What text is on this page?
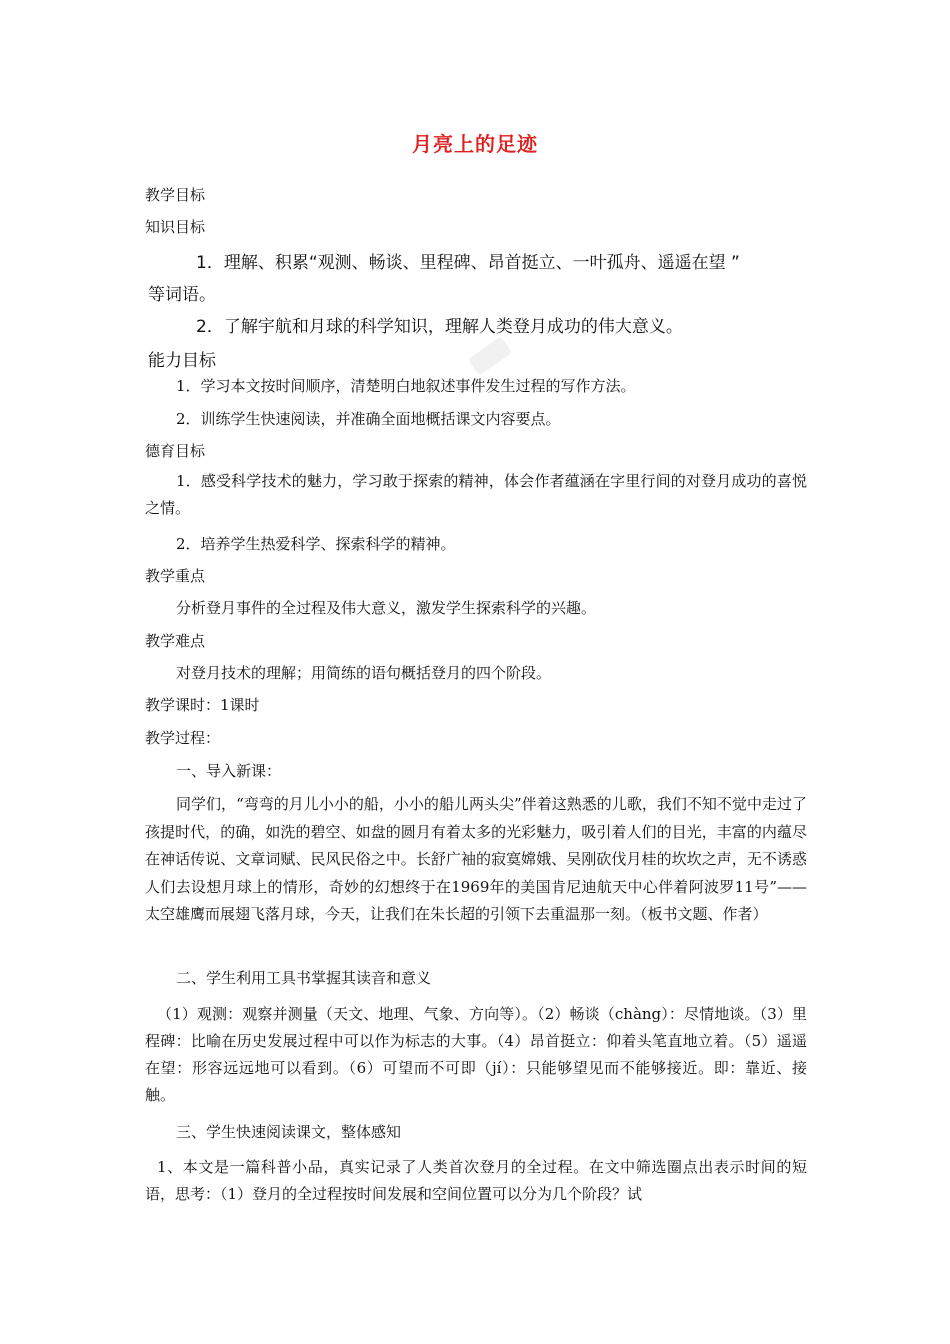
月亮上的足迹
教学目标
知识目标
1．理解、积累“观测、畅谈、里程碑、昂首挺立、一叶孤舟、遥遥在望 ”
等词语。
2．了解宇航和月球的科学知识，理解人类登月成功的伟大意义。
能力目标
1．学习本文按时间顺序，清楚明白地叙述事件发生过程的写作方法。
2．训练学生快速阅读，并准确全面地概括课文内容要点。
德育目标
1．感受科学技术的魅力，学习敢于探索的精神，体会作者蕴涵在字里行间的对登月成功的喜悦之情。
2．培养学生热爱科学、探索科学的精神。
教学重点
分析登月事件的全过程及伟大意义，激发学生探索科学的兴趣。
教学难点
对登月技术的理解；用简练的语句概括登月的四个阶段。
教学课时：1课时
教学过程：
一、导入新课：
同学们，“弯弯的月儿小小的船，小小的船儿两头尖”伴着这熟悉的儿歌，我们不知不觉中走过了孩提时代，的确，如洗的碧空、如盘的圆月有着太多的光彩魅力，吸引着人们的目光，丰富的内蕴尽在神话传说、文章词赋、民风民俗之中。长舒广袖的寂寞嫦娥、吴刚砍伐月桂的坎坎之声，无不诱惑人们去设想月球上的情形，奇妙的幻想终于在1969年的美国肯尼迪航天中心伴着阿波罗11号”——太空雄鹰而展翅飞落月球，今天，让我们在朱长超的引领下去重温那一刻。（板书文题、作者）
二、学生利用工具书掌握其读音和意义
（1）观测：观察并测量（天文、地理、气象、方向等）。（2）畅谈（chàng）：尽情地谈。（3）里程碑：比喻在历史发展过程中可以作为标志的大事。（4）昂首挺立：仰着头笔直地立着。（5）遥遥在望：形容远远地可以看到。（6）可望而不可即（jí）：只能够望见而不能够接近。即：靠近、接触。
三、学生快速阅读课文，整体感知
1、本文是一篇科普小品，真实记录了人类首次登月的全过程。在文中筛选圈点出表示时间的短语，思考：（1）登月的全过程按时间发展和空间位置可以分为几个阶段？试
